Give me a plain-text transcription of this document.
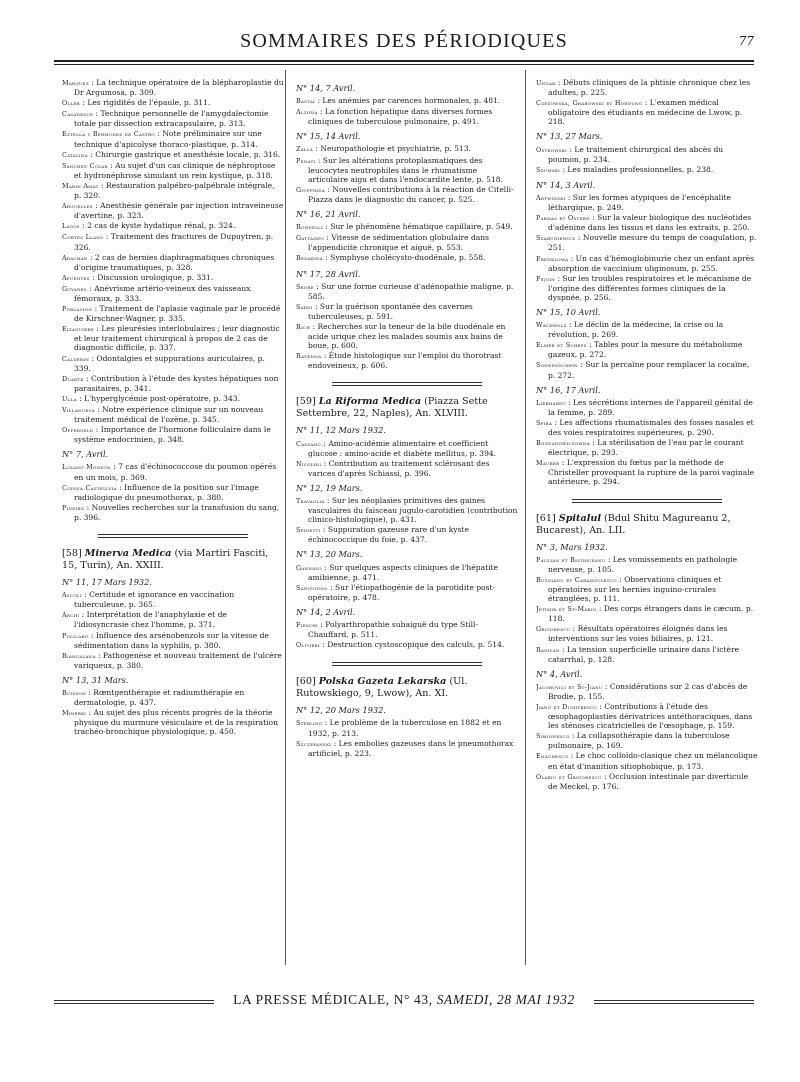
SOMMAIRES DES PÉRIODIQUES	77

Marquez : La technique opératoire de la blépharoplastie du Dr Argumosa, p. 309.

Oller : Les rigidités de l'épaule, p. 311.

Casadesus : Technique personnelle de l'amygdalectomie totale par dissection extracapsulaire, p. 313.

Estella y Bermudez de Castro : Note préliminaire sur une technique d'apicolyse thoraco-plastique, p. 314.

Catalina : Chirurgie gastrique et anesthésie locale, p. 316.

Sanchez Cozar : Au sujet d'un cas clinique de néphroptose et hydronéphrose simulant un rein kystique, p. 318.

Marin Amat : Restauration palpébro-palpébrale intégrale, p. 320.

Arguelles : Anesthésie générale par injection intraveineuse d'avertine, p. 323.

Lagos : 2 cas de kyste hydatique rénal, p. 324.

Cortes Llado : Traitement des fractures de Dupuytren, p. 326.

Arachan : 2 cas de hernies diaphragmatiques chroniques d'origine traumatiques, p. 328.

Afuentes : Discussion urologique, p. 331.

Goyanes : Anévrisme artério-veineux des vaisseaux fémoraux, p. 333.

Poblacion : Traitement de l'aplasie vaginale par le procédé de Kirschner-Wagner, p. 335.

Eizaguirre : Les pleurésies interlobulaires ; leur diagnostic et leur traitement chirurgical à propos de 2 cas de diagnostic difficile, p. 337.

Calderin : Odontalgies et suppurations auriculaires, p. 339.

Duarte : Contribution à l'étude des kystes hépatiques non parasitaires, p. 341.

Ulla : L'hyperglycémie post-opératoire, p. 343.

Villanueva : Notre expérience clinique sur un nouveau traitement médical de l'ozène, p. 345.

Offergeld : Importance de l'hormone folliculaire dans le système endocrinien, p. 348.

N° 7, Avril.

Lozano Monzon : 7 cas d'échinococcose du poumon opérés en un mois, p. 369.

Codina Castellvia : Influence de la position sur l'image radiologique du pneumothorax, p. 380.

Pineiro : Nouvelles recherches sur la transfusion du sang, p. 396.

[58] Minerva Medica (via Martiri Fasciti, 15, Turin), An. XXIII.
N° 11, 17 Mars 1932.

Ascoli : Certitude et ignorance en vaccination tuberculeuse, p. 365.

Archi : Interprétation de l'anaphylaxie et de l'idiosyncrasie chez l'homme, p. 371.

Policaro : Influence des arsénobenzols sur la vitesse de sédimentation dans la syphilis, p. 380.

Biancalana : Pathogenèse et nouveau traitement de l'ulcère variqueux, p. 380.

N° 13, 31 Mars.

Buisson : Rœntgenthérapie et radiumthérapie en dermatologie, p. 437.

Minerbi : Au sujet des plus récents progrès de la théorie physique du murmure vésiculaire et de la respiration trachéo-bronchique physiologique, p. 450.

N° 14, 7 Avril.

Bastai : Les anémies par carences hormonales, p. 481.

Alzona : La fonction hépatique dans diverses formes cliniques de tuberculose pulmonaire, p. 491.

N° 15, 14 Avril.

Zalla : Neuropathologie et psychiatrie, p. 513.

Penati : Sur les altérations protoplasmatiques des leucocytes neutrophiles dans le rhumatisme articulaire aigu et dans l'endocardite lente, p. 518.

Giuffrida : Nouvelles contributions à la réaction de Citelli-Piazza dans le diagnostic du cancer, p. 525.

N° 16, 21 Avril.

Rondelli : Sur le phénomène hématique capillaire, p. 549.

Gattaneo : Vitesse de sédimentation globulaire dans l'appendicite chronique et aiguë, p. 553.

Bedarida : Symphyse cholécysto-duodénale, p. 558.

N° 17, 28 Avril.

Segre : Sur une forme curieuse d'adénopathie maligne, p. 585.

Sardi : Sur la guérison spontanée des cavernes tuberculeuses, p. 591.

Rich : Recherches sur la teneur de la bile duodénale en acide urique chez les malades soumis aux bains de boue, p. 600.

Ravenna : Étude histologique sur l'emploi du thorotrast endoveineux, p. 606.

[59] La Riforma Medica (Piazza Sette Settembre, 22, Naples), An. XLVIII.
N° 11, 12 Mars 1932.

Cassano : Amino-acidémie alimentaire et coefficient glucose : amino-acide et diabète mellitus, p. 394.

Nicolini : Contribution au traitement sclérosant des varices d'après Schiassi, p. 396.

N° 12, 19 Mars.

Travaglia : Sur les néoplasies primitives des gaines vasculaires du faisceau jugulo-carotidien (contribution clinico-histologique), p. 431.

Spinetti : Suppuration gazeuse rare d'un kyste échinococcique du foie, p. 437.

N° 13, 20 Mars.

Gannavo : Sur quelques aspects cliniques de l'hépatite amibienne, p. 471.

Sanguigno : Sur l'étiopathogénie de la parotidite post-opératoire, p. 478.

N° 14, 2 Avril.

Fieschi : Polyarthropathie subaiguë du type Still-Chauffard, p. 511.

Olivieri : Destruction cystoscopique des calculs, p. 514.

[60] Polska Gazeta Lekarska (Ul. Rutowskiego, 9, Lwow), An. XI.
N° 12, 20 Mars 1932.

Sterling : Le problème de la tuberculose en 1882 et en 1932, p. 213.

Szczepanski : Les embolies gazeuses dans le pneumothorax artificiel, p. 223.

Ungar : Débuts cliniques de la phtisie chronique chez les adultes, p. 225.

Czezowska, Grabowski et Hornung : L'examen médical obligatoire des étudiants en médecine de Lwow, p. 218.

N° 13, 27 Mars.

Ostrowski : Le traitement chirurgical des abcès du poumon, p. 234.

Szumski : Les maladies professionnelles, p. 238.

N° 14, 3 Avril.

Artwinski : Sur les formes atypiques de l'encéphalite léthargique, p. 249.

Parnas et Ostern : Sur la valeur biologique des nucléotides d'adénine dans les tissus et dans les extraits, p. 250.

Szabuniewicz : Nouvelle mesure du temps de coagulation, p. 251.

Frenklowa : Un cas d'hémoglobinurie chez un enfant après absorption de vaccinium uliginosum, p. 255.

Fejgin : Sur les troubles respiratoires et le mécanisme de l'origine des différentes formes cliniques de la dyspnée, p. 256.

N° 15, 10 Avril.

Wachholz : Le déclin de la médecine, la crise ou la révolution, p. 269.

Elmer et Scheps : Tables pour la mesure du métabolisme gazeux, p. 272.

Sonnenschein : Sur la percaïne pour remplacer la cocaïne, p. 272.

N° 16, 17 Avril.

Liebhardt : Les sécrétions internes de l'appareil génital de la femme, p. 289.

Spira : Les affections rhumatismales des fosses nasales et des voies respiratoires supérieures, p. 290.

Bogdanowiczowna : La stérilisation de l'eau par le courant électrique, p. 293.

Mauber : L'expression du fœtus par la méthode de Christeller provoquant la rupture de la paroi vaginale antérieure, p. 294.

[61] Spitalul (Bdul Shitu Magureanu 2, Bucarest), An. LII.
N° 3, Mars 1932.

Paulian et Bistriceanu : Les vomissements en pathologie nerveuse, p. 105.

Buzoianu et Caramzulesco : Observations cliniques et opératoires sur les hernies inguino-crurales étranglées, p. 111.

Jetimir et St-Marin : Des corps étrangers dans le cæcum, p. 118.

Grigorescu : Résultats opératoires éloignés dans les interventions sur les voies biliaires, p. 121.

Radivan : La tension superficielle urinaire dans l'ictère catarrhal, p. 128.

N° 4, Avril.

Jacobovici et St-Jianu : Considérations sur 2 cas d'abcès de Brodie, p. 155.

Jiano et Dumitresco : Contributions à l'étude des œsophagoplasties dérivatrices antéthoraciques, dans les sténoses cicatricielles de l'œsophage, p. 159.

Simionesco : La collapsothérapie dans la tuberculose pulmonaire, p. 169.

Enachesco : Le choc colloïdo-clasique chez un mélancolique en état d'inanition sitiophobique, p. 173.

Olariu et Grigorescu : Occlusion intestinale par diverticule de Meckel, p. 176.

LA PRESSE MÉDICALE, N° 43, SAMEDI, 28 MAI 1932
